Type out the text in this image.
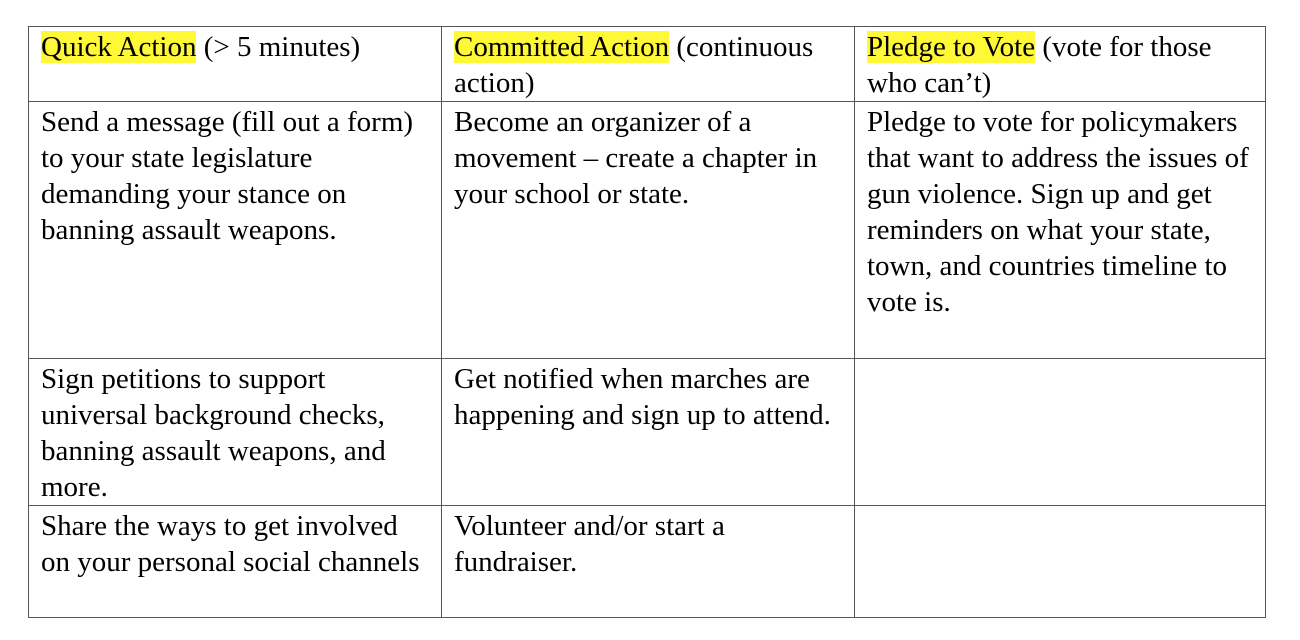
Quick Action (> 5 minutes)	Committed Action (continuous action)	Pledge to Vote (vote for those who can’t)
Send a message (fill out a form) to your state legislature demanding your stance on banning assault weapons.	Become an organizer of a movement – create a chapter in your school or state.	Pledge to vote for policymakers that want to address the issues of gun violence. Sign up and get reminders on what your state, town, and countries timeline to vote is.
Sign petitions to support universal background checks, banning assault weapons, and more.	Get notified when marches are happening and sign up to attend.	
Share the ways to get involved on your personal social channels	Volunteer and/or start a fundraiser.	
